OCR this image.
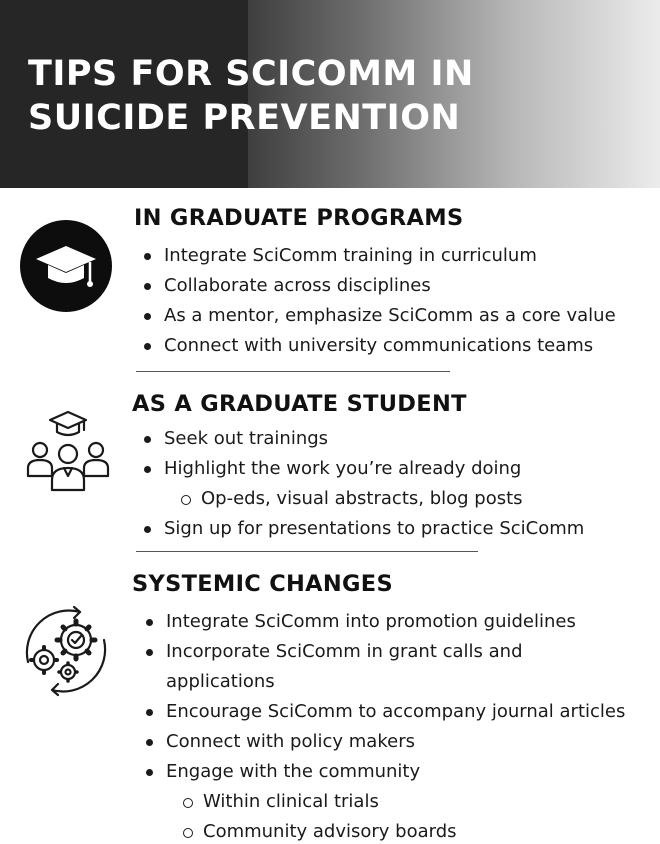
TIPS FOR SCICOMM IN
SUICIDE PREVENTION
IN GRADUATE PROGRAMS
Integrate SciComm training in curriculum
Collaborate across disciplines
As a mentor, emphasize SciComm as a core value
Connect with university communications teams
AS A GRADUATE STUDENT
Seek out trainings
Highlight the work you’re already doing
Op-eds, visual abstracts, blog posts
Sign up for presentations to practice SciComm
SYSTEMIC CHANGES
Integrate SciComm into promotion guidelines
Incorporate SciComm in grant calls and
applications
Encourage SciComm to accompany journal articles
Connect with policy makers
Engage with the community
Within clinical trials
Community advisory boards
